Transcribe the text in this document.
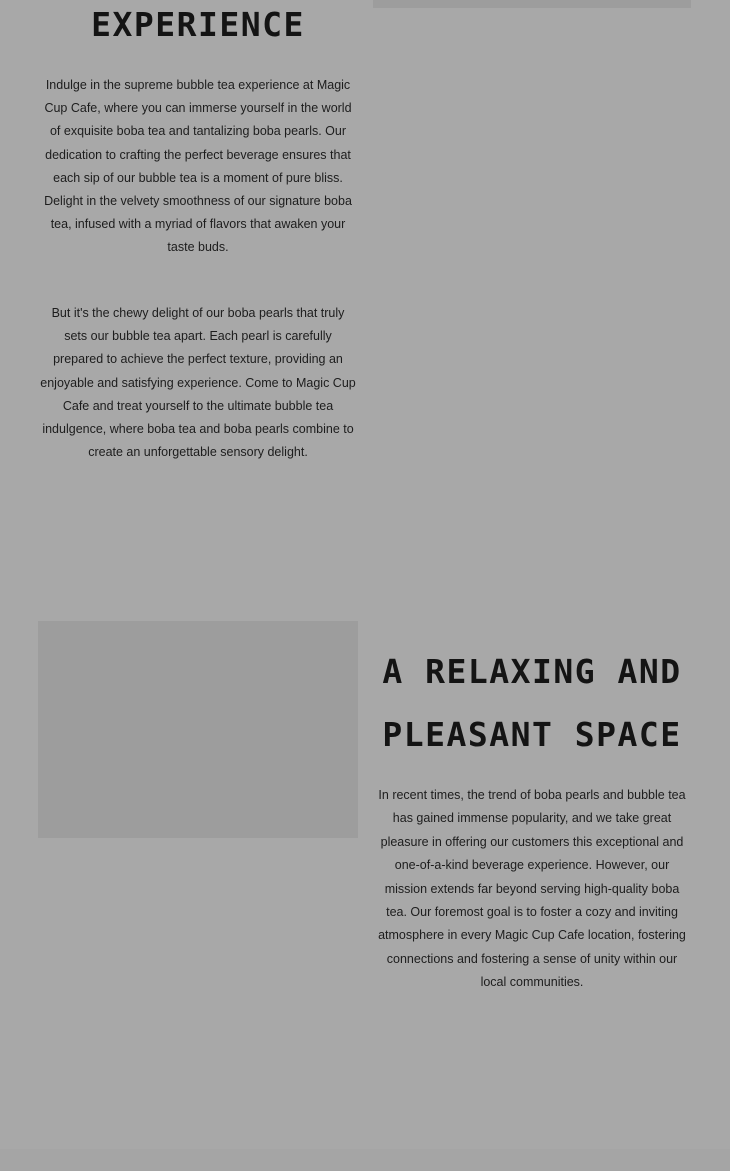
EXPERIENCE

Indulge in the supreme bubble tea experience at Magic Cup Cafe, where you can immerse yourself in the world of exquisite boba tea and tantalizing boba pearls. Our dedication to crafting the perfect beverage ensures that each sip of our bubble tea is a moment of pure bliss. Delight in the velvety smoothness of our signature boba tea, infused with a myriad of flavors that awaken your taste buds.

But it's the chewy delight of our boba pearls that truly sets our bubble tea apart. Each pearl is carefully prepared to achieve the perfect texture, providing an enjoyable and satisfying experience. Come to Magic Cup Cafe and treat yourself to the ultimate bubble tea indulgence, where boba tea and boba pearls combine to create an unforgettable sensory delight.

A RELAXING AND PLEASANT SPACE

In recent times, the trend of boba pearls and bubble tea has gained immense popularity, and we take great pleasure in offering our customers this exceptional and one-of-a-kind beverage experience. However, our mission extends far beyond serving high-quality boba tea. Our foremost goal is to foster a cozy and inviting atmosphere in every Magic Cup Cafe location, fostering connections and fostering a sense of unity within our local communities.
